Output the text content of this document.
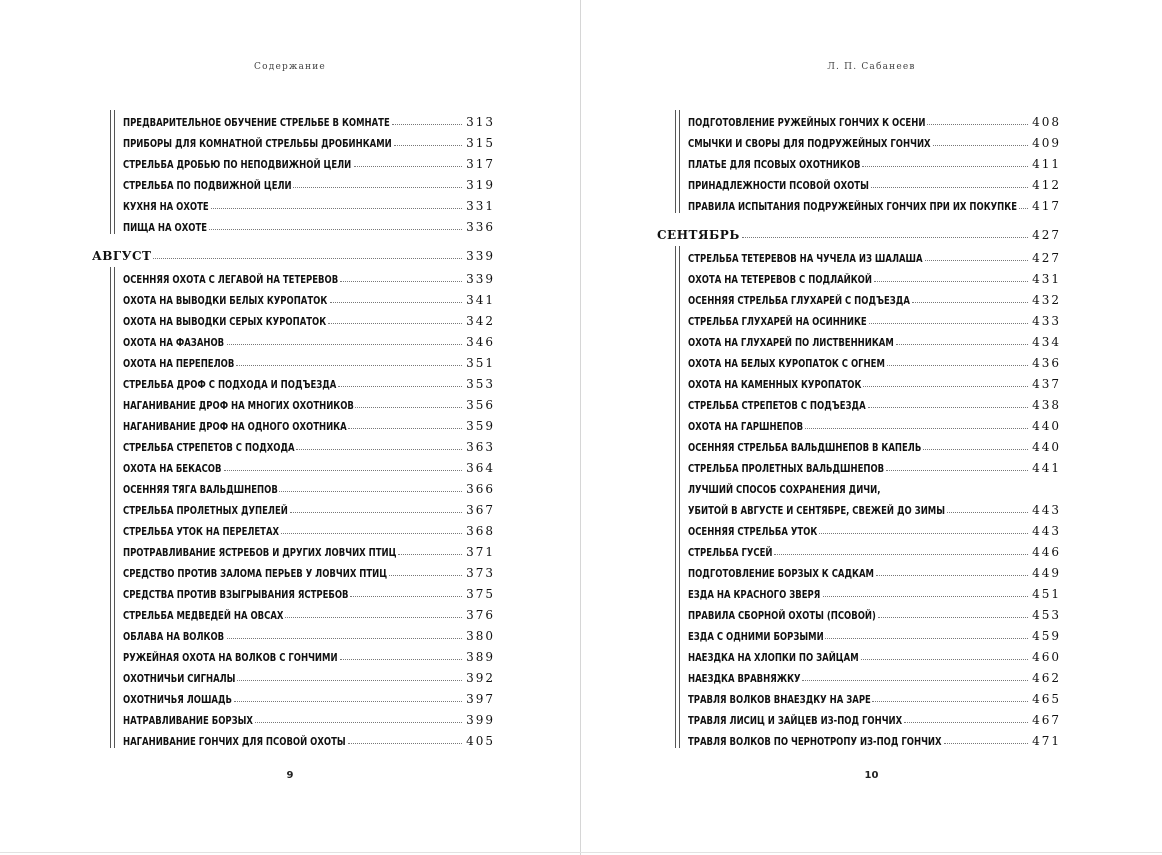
Содержание
ПРЕДВАРИТЕЛЬНОЕ ОБУЧЕНИЕ СТРЕЛЬБЕ В КОМНАТЕ	313
ПРИБОРЫ ДЛЯ КОМНАТНОЙ СТРЕЛЬБЫ ДРОБИНКАМИ	315
СТРЕЛЬБА ДРОБЬЮ ПО НЕПОДВИЖНОЙ ЦЕЛИ	317
СТРЕЛЬБА ПО ПОДВИЖНОЙ ЦЕЛИ	319
КУХНЯ НА ОХОТЕ	331
ПИЩА НА ОХОТЕ	336
АВГУСТ	339
ОСЕННЯЯ ОХОТА С ЛЕГАВОЙ НА ТЕТЕРЕВОВ	339
ОХОТА НА ВЫВОДКИ БЕЛЫХ КУРОПАТОК	341
ОХОТА НА ВЫВОДКИ СЕРЫХ КУРОПАТОК	342
ОХОТА НА ФАЗАНОВ	346
ОХОТА НА ПЕРЕПЕЛОВ	351
СТРЕЛЬБА ДРОФ С ПОДХОДА И ПОДЪЕЗДА	353
НАГАНИВАНИЕ ДРОФ НА МНОГИХ ОХОТНИКОВ	356
НАГАНИВАНИЕ ДРОФ НА ОДНОГО ОХОТНИКА	359
СТРЕЛЬБА СТРЕПЕТОВ С ПОДХОДА	363
ОХОТА НА БЕКАСОВ	364
ОСЕННЯЯ ТЯГА ВАЛЬДШНЕПОВ	366
СТРЕЛЬБА ПРОЛЕТНЫХ ДУПЕЛЕЙ	367
СТРЕЛЬБА УТОК НА ПЕРЕЛЕТАХ	368
ПРОТРАВЛИВАНИЕ ЯСТРЕБОВ И ДРУГИХ ЛОВЧИХ ПТИЦ	371
СРЕДСТВО ПРОТИВ ЗАЛОМА ПЕРЬЕВ У ЛОВЧИХ ПТИЦ	373
СРЕДСТВА ПРОТИВ ВЗЫГРЫВАНИЯ ЯСТРЕБОВ	375
СТРЕЛЬБА МЕДВЕДЕЙ НА ОВСАХ	376
ОБЛАВА НА ВОЛКОВ	380
РУЖЕЙНАЯ ОХОТА НА ВОЛКОВ С ГОНЧИМИ	389
ОХОТНИЧЬИ СИГНАЛЫ	392
ОХОТНИЧЬЯ ЛОШАДЬ	397
НАТРАВЛИВАНИЕ БОРЗЫХ	399
НАГАНИВАНИЕ ГОНЧИХ ДЛЯ ПСОВОЙ ОХОТЫ	405
9
Л. П. Сабанеев
ПОДГОТОВЛЕНИЕ РУЖЕЙНЫХ ГОНЧИХ К ОСЕНИ	408
СМЫЧКИ И СВОРЫ ДЛЯ ПОДРУЖЕЙНЫХ ГОНЧИХ	409
ПЛАТЬЕ ДЛЯ ПСОВЫХ ОХОТНИКОВ	411
ПРИНАДЛЕЖНОСТИ ПСОВОЙ ОХОТЫ	412
ПРАВИЛА ИСПЫТАНИЯ ПОДРУЖЕЙНЫХ ГОНЧИХ ПРИ ИХ ПОКУПКЕ 417
СЕНТЯБРЬ	427
СТРЕЛЬБА ТЕТЕРЕВОВ НА ЧУЧЕЛА ИЗ ШАЛАША	427
ОХОТА НА ТЕТЕРЕВОВ С ПОДЛАЙКОЙ	431
ОСЕННЯЯ СТРЕЛЬБА ГЛУХАРЕЙ С ПОДЪЕЗДА	432
СТРЕЛЬБА ГЛУХАРЕЙ НА ОСИННИКЕ	433
ОХОТА НА ГЛУХАРЕЙ ПО ЛИСТВЕННИКАМ	434
ОХОТА НА БЕЛЫХ КУРОПАТОК С ОГНЕМ	436
ОХОТА НА КАМЕННЫХ КУРОПАТОК	437
СТРЕЛЬБА СТРЕПЕТОВ С ПОДЪЕЗДА	438
ОХОТА НА ГАРШНЕПОВ	440
ОСЕННЯЯ СТРЕЛЬБА ВАЛЬДШНЕПОВ В КАПЕЛЬ	440
СТРЕЛЬБА ПРОЛЕТНЫХ ВАЛЬДШНЕПОВ	441
ЛУЧШИЙ СПОСОБ СОХРАНЕНИЯ ДИЧИ,
УБИТОЙ В АВГУСТЕ И СЕНТЯБРЕ, СВЕЖЕЙ ДО ЗИМЫ	443
ОСЕННЯЯ СТРЕЛЬБА УТОК	443
СТРЕЛЬБА ГУСЕЙ	446
ПОДГОТОВЛЕНИЕ БОРЗЫХ К САДКАМ	449
ЕЗДА НА КРАСНОГО ЗВЕРЯ	451
ПРАВИЛА СБОРНОЙ ОХОТЫ (ПСОВОЙ)	453
ЕЗДА С ОДНИМИ БОРЗЫМИ	459
НАЕЗДКА НА ХЛОПКИ ПО ЗАЙЦАМ	460
НАЕЗДКА ВРАВНЯЖКУ	462
ТРАВЛЯ ВОЛКОВ ВНАЕЗДКУ НА ЗАРЕ	465
ТРАВЛЯ ЛИСИЦ И ЗАЙЦЕВ ИЗ-ПОД ГОНЧИХ	467
ТРАВЛЯ ВОЛКОВ ПО ЧЕРНОТРОПУ ИЗ-ПОД ГОНЧИХ	471
10
